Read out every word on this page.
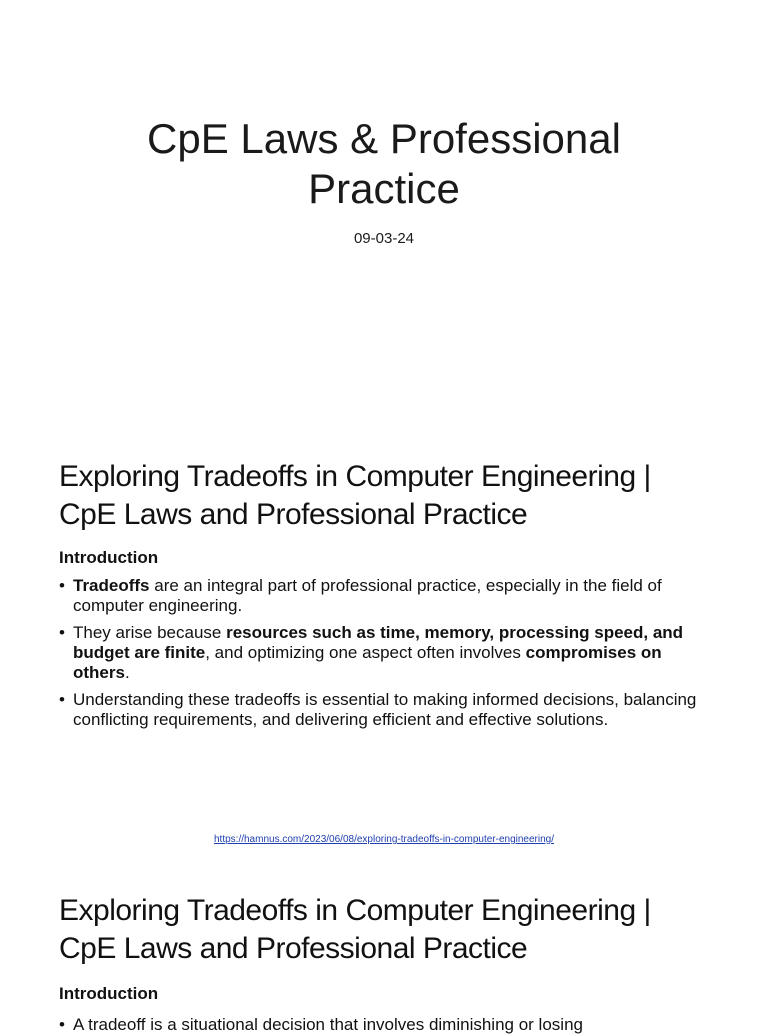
CpE Laws & Professional
Practice
09-03-24
Exploring Tradeoffs in Computer Engineering |
CpE Laws and Professional Practice
Introduction
• Tradeoffs are an integral part of professional practice, especially in the field of computer engineering.
• They arise because resources such as time, memory, processing speed, and budget are finite, and optimizing one aspect often involves compromises on others.
• Understanding these tradeoffs is essential to making informed decisions, balancing conflicting requirements, and delivering efficient and effective solutions.
https://hamnus.com/2023/06/08/exploring-tradeoffs-in-computer-engineering/
Exploring Tradeoffs in Computer Engineering |
CpE Laws and Professional Practice
Introduction
• A tradeoff is a situational decision that involves diminishing or losing
